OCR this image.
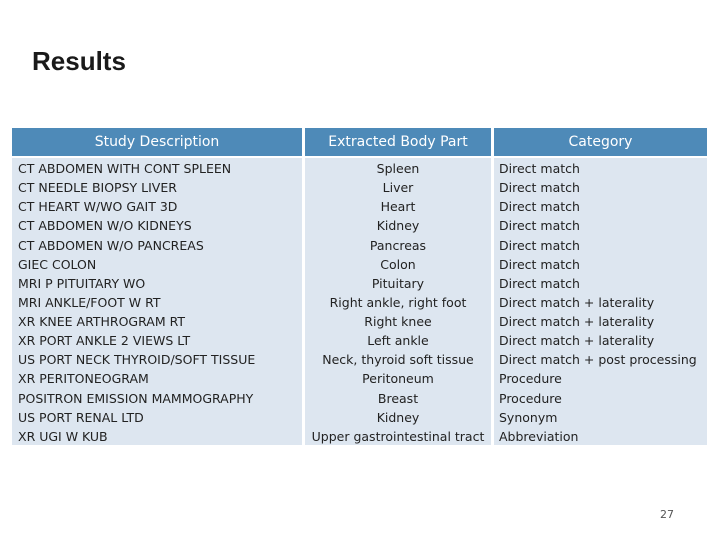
Results
Study Description	Extracted Body Part	Category
CT ABDOMEN WITH CONT SPLEEN
CT NEEDLE BIOPSY LIVER
CT HEART W/WO GAIT 3D
CT ABDOMEN W/O KIDNEYS
CT ABDOMEN W/O PANCREAS
GIEC COLON
MRI P PITUITARY WO
MRI ANKLE/FOOT W RT
XR KNEE ARTHROGRAM RT
XR PORT ANKLE 2 VIEWS LT
US PORT NECK THYROID/SOFT TISSUE
XR PERITONEOGRAM
POSITRON EMISSION MAMMOGRAPHY
US PORT RENAL LTD
XR UGI W KUB
Spleen
Liver
Heart
Kidney
Pancreas
Colon
Pituitary
Right ankle, right foot
Right knee
Left ankle
Neck, thyroid soft tissue
Peritoneum
Breast
Kidney
Upper gastrointestinal tract
Direct match
Direct match
Direct match
Direct match
Direct match
Direct match
Direct match
Direct match + laterality
Direct match + laterality
Direct match + laterality
Direct match + post processing
Procedure
Procedure
Synonym
Abbreviation
27
